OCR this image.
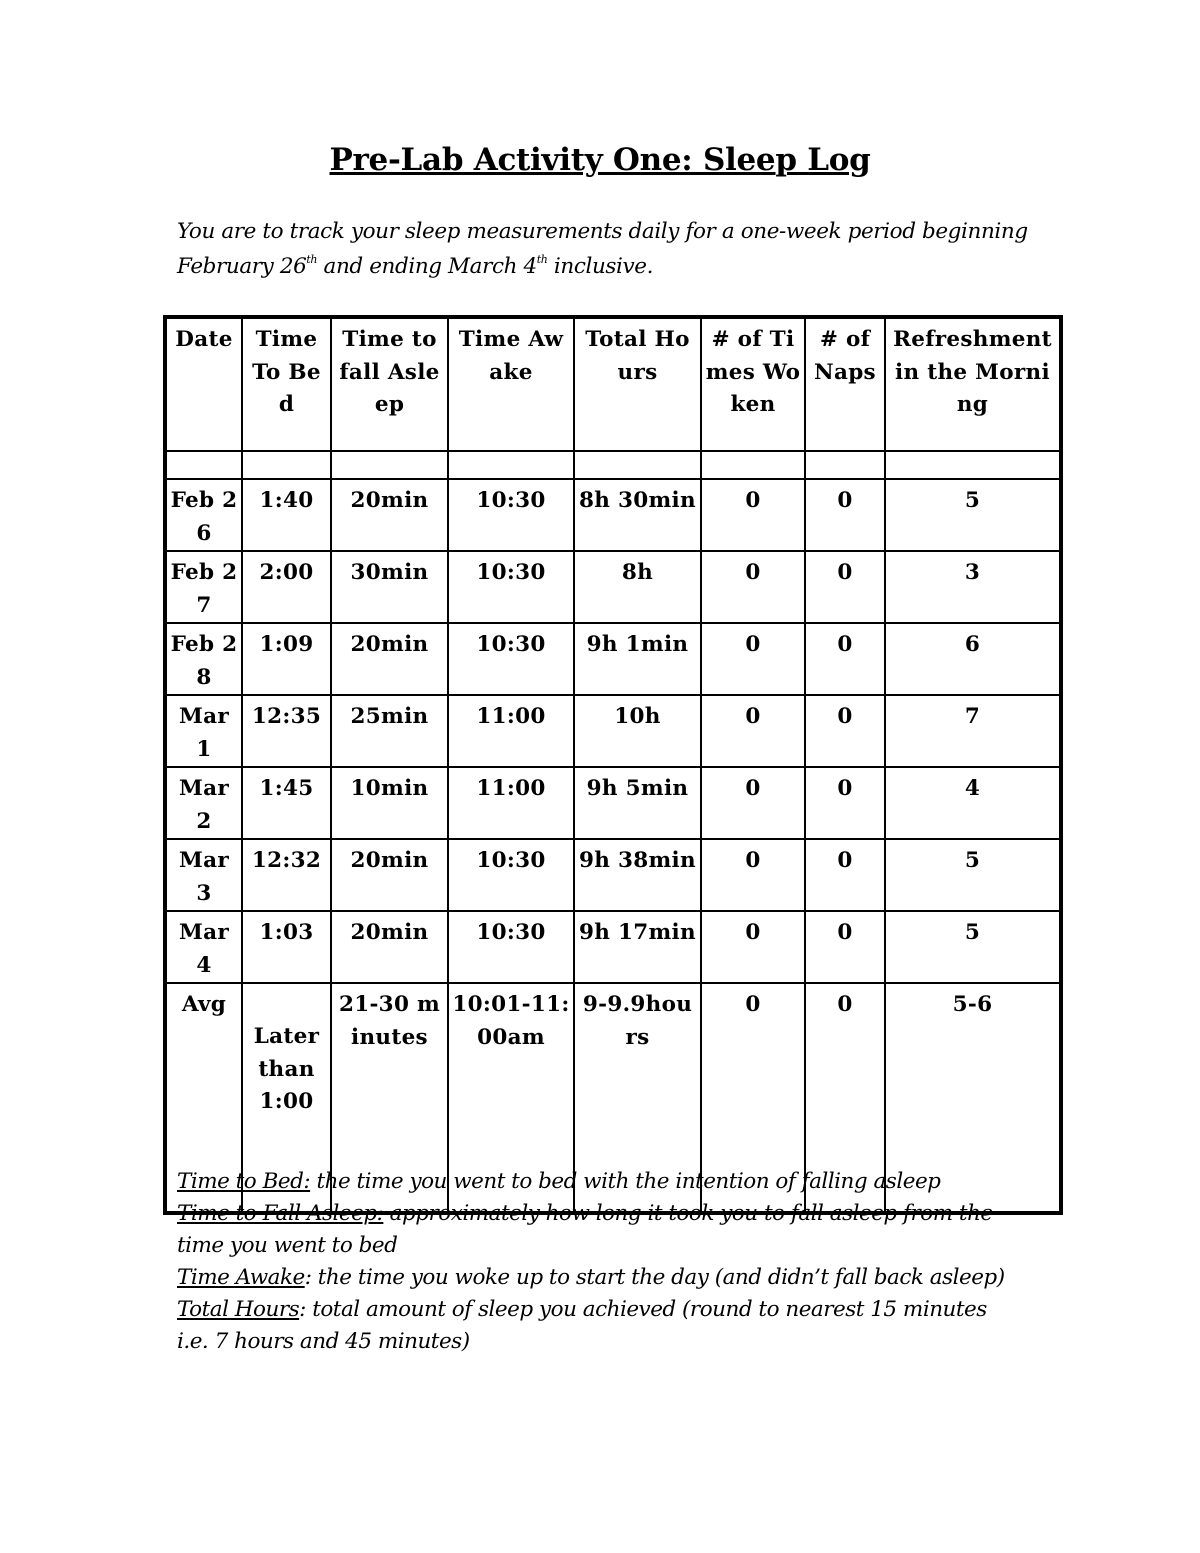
Pre-Lab Activity One: Sleep Log

You are to track your sleep measurements daily for a one-week period beginning February 26th and ending March 4th inclusive.

Date	Time To Bed	Time to fall Asleep	Time Awake	Total Hours	# of Times Woken	# of Naps	Refreshment in the Morning

Feb 26	1:40	20min	10:30	8h 30min	0	0	5
Feb 27	2:00	30min	10:30	8h	0	0	3
Feb 28	1:09	20min	10:30	9h 1min	0	0	6
Mar 1	12:35	25min	11:00	10h	0	0	7
Mar 2	1:45	10min	11:00	9h 5min	0	0	4
Mar 3	12:32	20min	10:30	9h 38min	0	0	5
Mar 4	1:03	20min	10:30	9h 17min	0	0	5
Avg	Later than 1:00	21-30 minutes	10:01-11:00am	9-9.9hours	0	0	5-6
Time to Bed: the time you went to bed with the intention of falling asleep
Time to Fall Asleep: approximately how long it took you to fall asleep from the time you went to bed
Time Awake: the time you woke up to start the day (and didn’t fall back asleep)
Total Hours: total amount of sleep you achieved (round to nearest 15 minutes i.e. 7 hours and 45 minutes)
